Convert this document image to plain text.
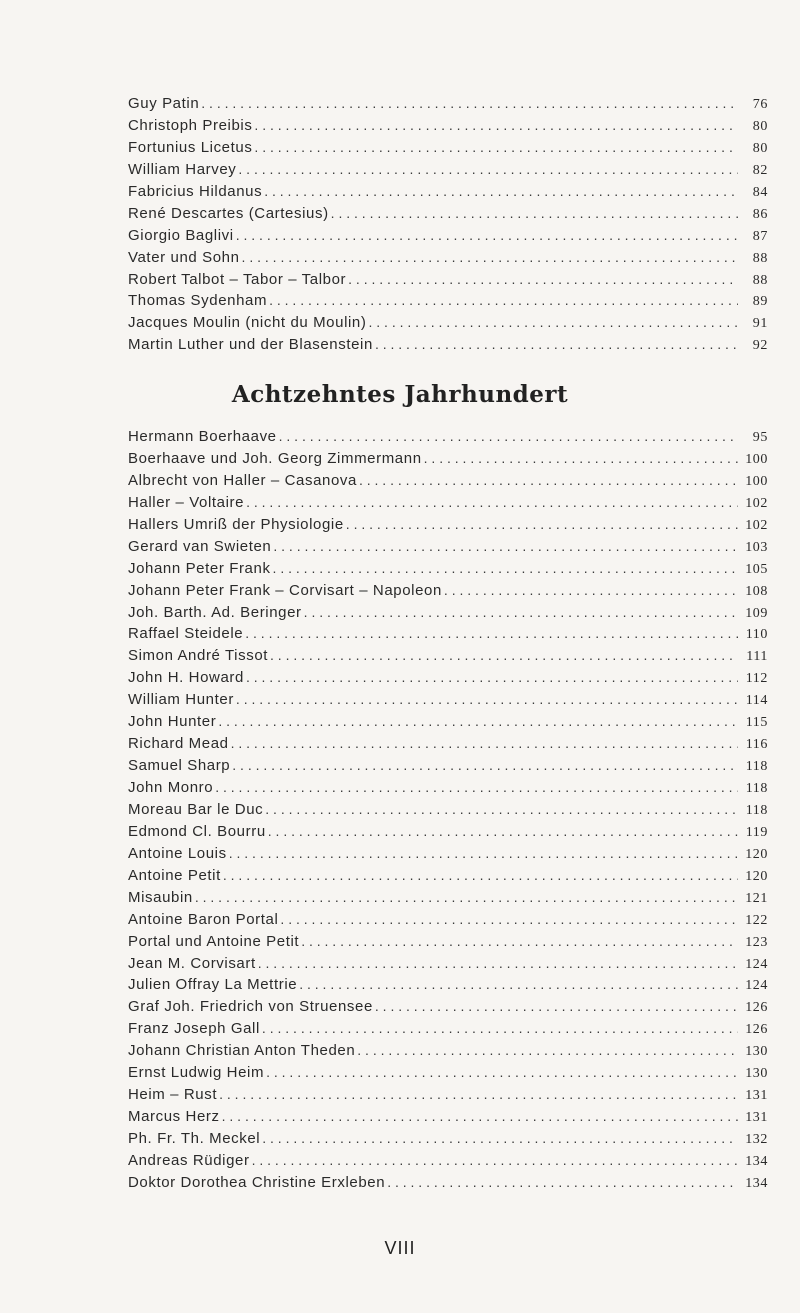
Guy Patin . . .	76
Christoph Preibis . . .	80
Fortunius Licetus . . .	80
William Harvey . . .	82
Fabricius Hildanus . . .	84
René Descartes (Cartesius) . . .	86
Giorgio Baglivi . . .	87
Vater und Sohn . . .	88
Robert Talbot – Tabor – Talbor . . .	88
Thomas Sydenham . . .	89
Jacques Moulin (nicht du Moulin) . . .	91
Martin Luther und der Blasenstein . . .	92
Achtzehntes Jahrhundert
Hermann Boerhaave . . .	95
Boerhaave und Joh. Georg Zimmermann . . .	100
Albrecht von Haller – Casanova . . .	100
Haller – Voltaire . . .	102
Hallers Umriß der Physiologie . . .	102
Gerard van Swieten . . .	103
Johann Peter Frank . . .	105
Johann Peter Frank – Corvisart – Napoleon . . .	108
Joh. Barth. Ad. Beringer . . .	109
Raffael Steidele . . .	110
Simon André Tissot . . .	111
John H. Howard . . .	112
William Hunter . . .	114
John Hunter . . .	115
Richard Mead . . .	116
Samuel Sharp . . .	118
John Monro . . .	118
Moreau Bar le Duc . . .	118
Edmond Cl. Bourru . . .	119
Antoine Louis . . .	120
Antoine Petit . . .	120
Misaubin . . .	121
Antoine Baron Portal . . .	122
Portal und Antoine Petit . . .	123
Jean M. Corvisart . . .	124
Julien Offray La Mettrie . . .	124
Graf Joh. Friedrich von Struensee . . .	126
Franz Joseph Gall . . .	126
Johann Christian Anton Theden . . .	130
Ernst Ludwig Heim . . .	130
Heim – Rust . . .	131
Marcus Herz . . .	131
Ph. Fr. Th. Meckel . . .	132
Andreas Rüdiger . . .	134
Doktor Dorothea Christine Erxleben . . .	134
VIII
